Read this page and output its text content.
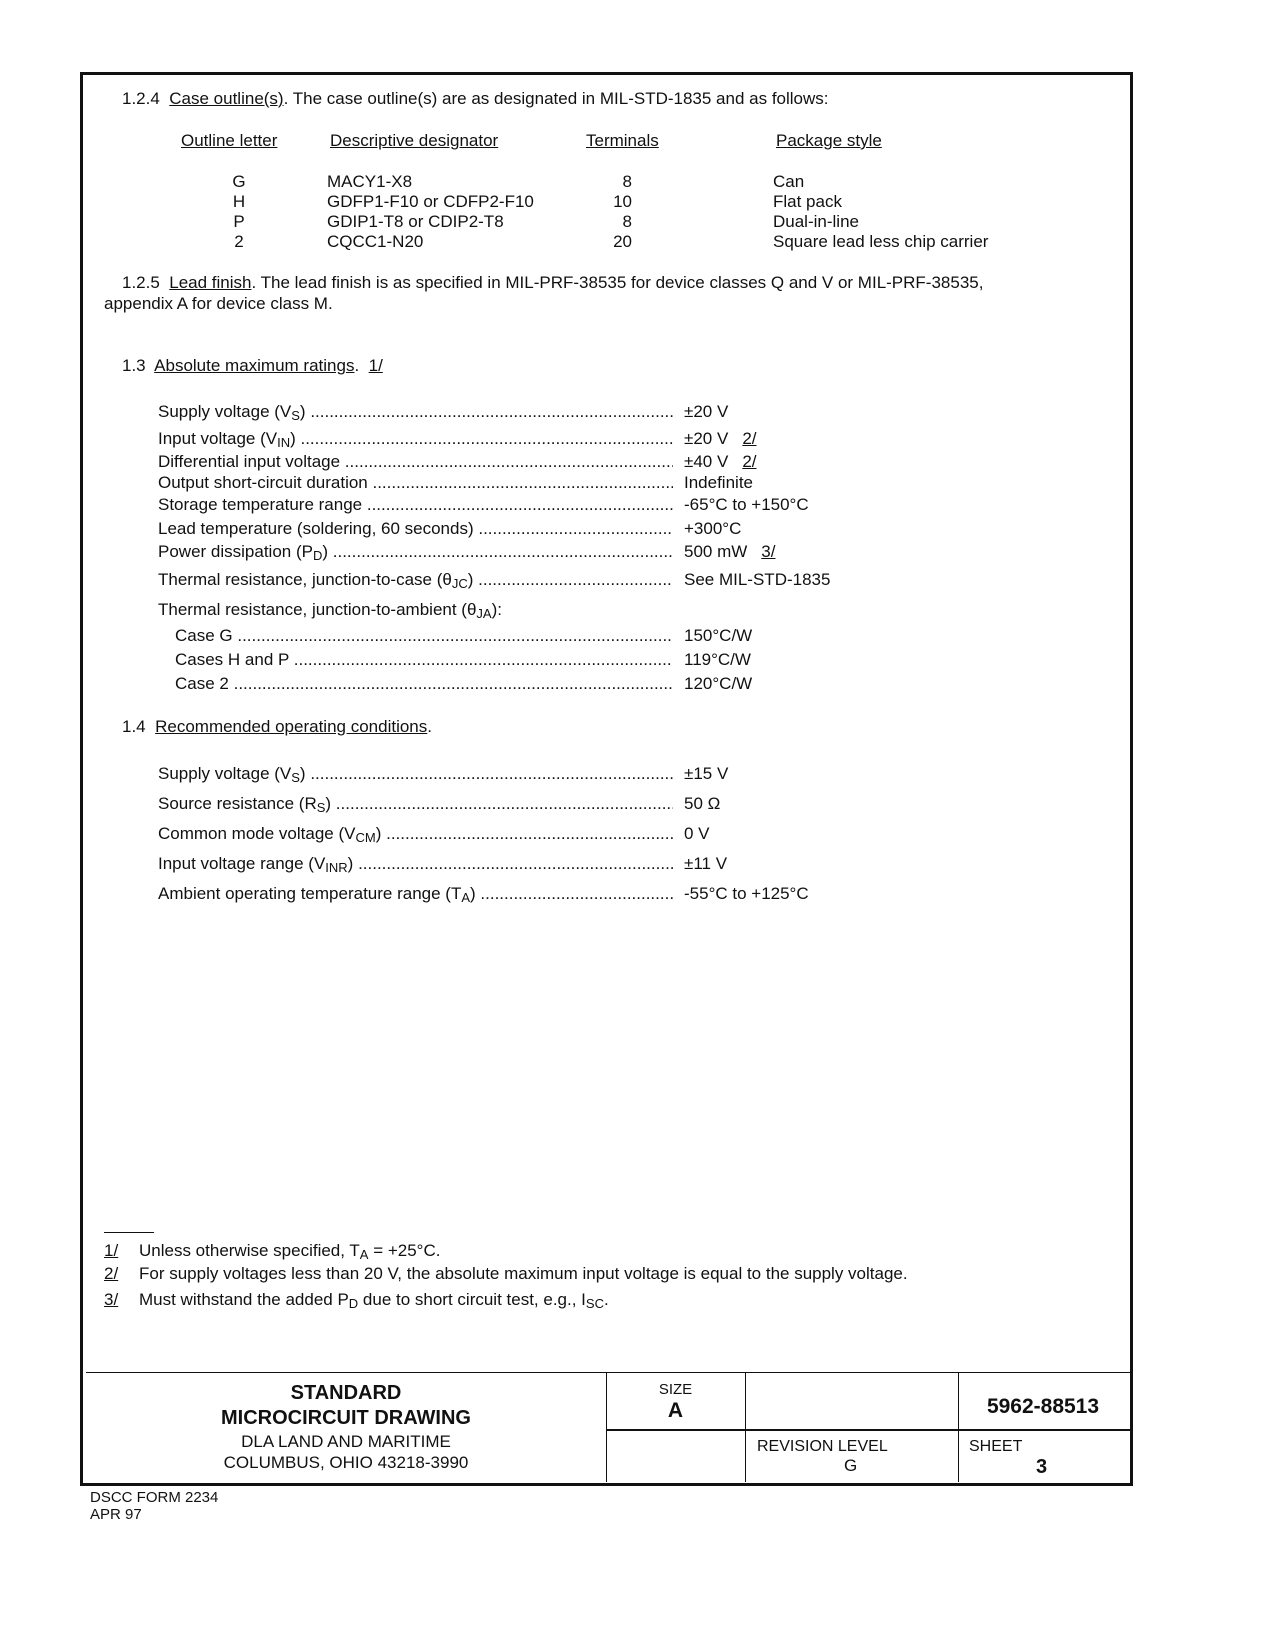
1.2.4 Case outline(s). The case outline(s) are as designated in MIL-STD-1835 and as follows:
Outline letter	Descriptive designator	Terminals	Package style
G	MACY1-X8	8	Can
H	GDFP1-F10 or CDFP2-F10	10	Flat pack
P	GDIP1-T8 or CDIP2-T8	8	Dual-in-line
2	CQCC1-N20	20	Square lead less chip carrier
1.2.5 Lead finish. The lead finish is as specified in MIL-PRF-38535 for device classes Q and V or MIL-PRF-38535,
appendix A for device class M.
1.3 Absolute maximum ratings.  1/
Supply voltage $(V_S)$ .....	±20 V
Input voltage $(V_{IN})$ .....	±20 V 2/
Differential input voltage .....	±40 V 2/
Output short-circuit duration .....	Indefinite
Storage temperature range .....	-65°C to +150°C
Lead temperature (soldering, 60 seconds) .....	+300°C
Power dissipation $(P_D)$ .....	500 mW 3/
Thermal resistance, junction-to-case $(\theta_{JC})$ .....	See MIL-STD-1835
Thermal resistance, junction-to-ambient $(\theta_{JA})$:
Case G .....	150°C/W
Cases H and P .....	119°C/W
Case 2 .....	120°C/W
1.4 Recommended operating conditions.
Supply voltage $(V_S)$ .....	±15 V
Source resistance $(R_S)$ .....	50 Ω
Common mode voltage $(V_{CM})$ .....	0 V
Input voltage range $(V_{INR})$ .....	±11 V
Ambient operating temperature range $(T_A)$ .....	-55°C to +125°C
1/ Unless otherwise specified, $T_A = +25^\circ C$.
2/ For supply voltages less than 20 V, the absolute maximum input voltage is equal to the supply voltage.
3/ Must withstand the added $P_D$ due to short circuit test, e.g., $I_{SC}$.
STANDARD
MICROCIRCUIT DRAWING
DLA LAND AND MARITIME
COLUMBUS, OHIO 43218-3990
SIZE
A	5962-88513
REVISION LEVEL
G
SHEET
3
DSCC FORM 2234
APR 97
